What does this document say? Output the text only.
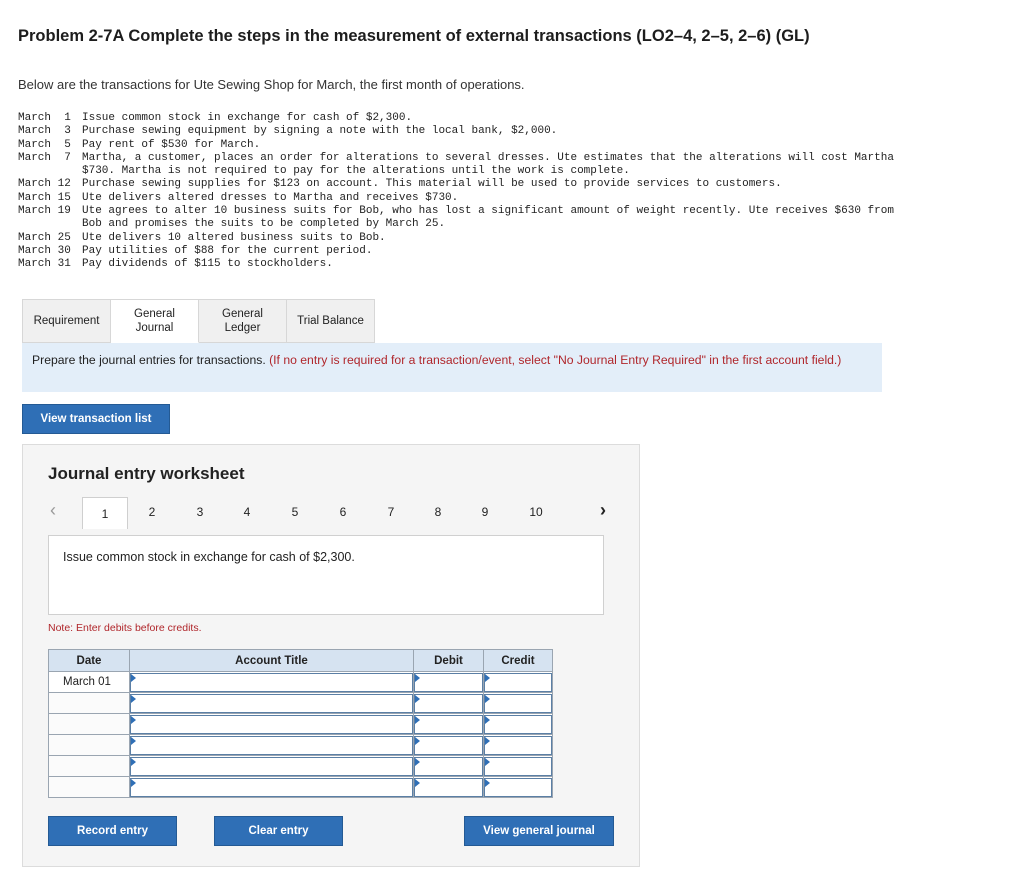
Problem 2-7A Complete the steps in the measurement of external transactions (LO2–4, 2–5, 2–6) (GL)
Below are the transactions for Ute Sewing Shop for March, the first month of operations.
March  1	Issue common stock in exchange for cash of $2,300.
March  3	Purchase sewing equipment by signing a note with the local bank, $2,000.
March  5	Pay rent of $530 for March.
March  7	Martha, a customer, places an order for alterations to several dresses. Ute estimates that the alterations will cost Martha $730. Martha is not required to pay for the alterations until the work is complete.
March 12	Purchase sewing supplies for $123 on account. This material will be used to provide services to customers.
March 15	Ute delivers altered dresses to Martha and receives $730.
March 19	Ute agrees to alter 10 business suits for Bob, who has lost a significant amount of weight recently. Ute receives $630 from Bob and promises the suits to be completed by March 25.
March 25	Ute delivers 10 altered business suits to Bob.
March 30	Pay utilities of $88 for the current period.
March 31	Pay dividends of $115 to stockholders.
Requirement
General
Journal
General
Ledger
Trial Balance
Prepare the journal entries for transactions. (If no entry is required for a transaction/event, select "No Journal Entry Required" in the first account field.)
View transaction list
Journal entry worksheet
‹	1	2	3	4	5	6	7	8	9	10	›
Issue common stock in exchange for cash of $2,300.
Note: Enter debits before credits.
Date	Account Title	Debit	Credit
March 01	

Record entry	Clear entry	View general journal
